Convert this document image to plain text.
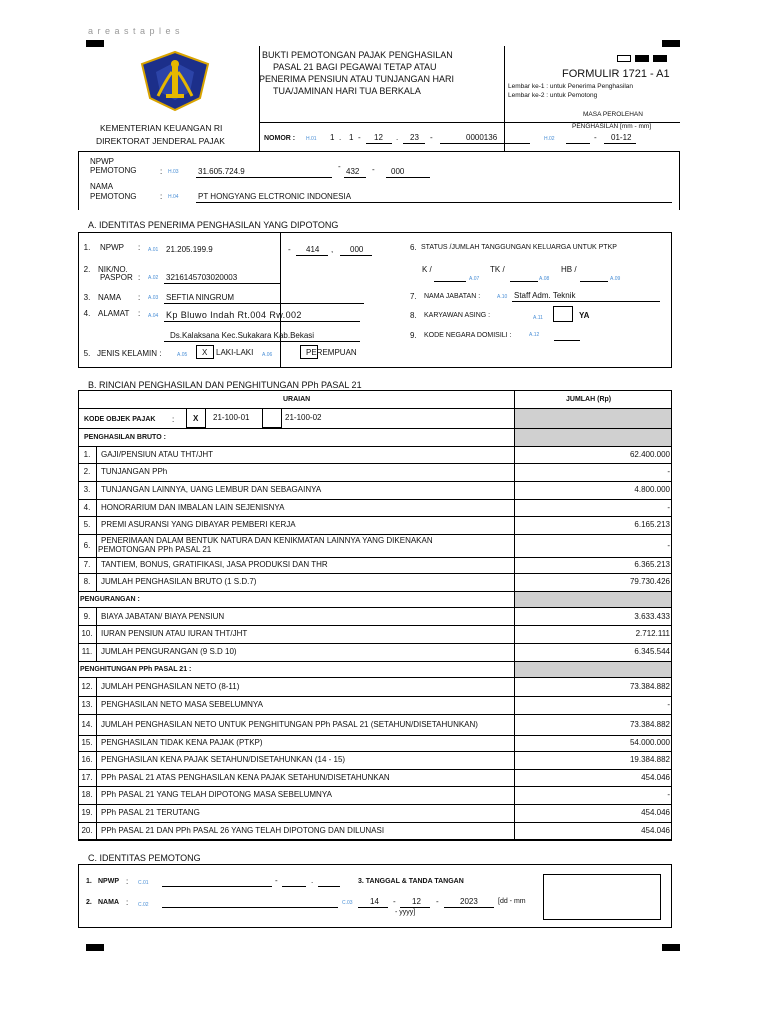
a r e a s t a p l e s
BUKTI PEMOTONGAN PAJAK PENGHASILAN
PASAL 21 BAGI PEGAWAI TETAP ATAU
PENERIMA PENSIUN ATAU TUNJANGAN HARI
TUA/JAMINAN HARI TUA BERKALA
FORMULIR 1721 - A1
Lembar ke-1 : untuk Penerima Penghasilan
Lembar ke-2 : untuk Pemotong
KEMENTERIAN KEUANGAN RI
DIREKTORAT JENDERAL PAJAK	NOMOR : H.01 1 . 1 - 12 . 23 -	0000136	H.02
MASA PEROLEHAN
PENGHASILAN [mm - mm]
- 01-12
NPWP
PEMOTONG	: H.03 31.605.724.9
-
432 - 000
NAMA
PEMOTONG	: H.04 PT HONGYANG ELCTRONIC INDONESIA
A. IDENTITAS PENERIMA PENGHASILAN YANG DIPOTONG
1.	NPWP : A.01 21.205.199.9	- 414 , 000
2. NIK/NO.
PASPOR : A.02 3216145703020003
3. NAMA : A.03 SEFTIA NINGRUM
4. ALAMAT : A.04 Kp Bluwo Indah Rt.004 Rw.002
Ds.Kalaksana Kec.Sukakara Kab.Bekasi
5. JENIS KELAMIN :	A.05 X LAKI-LAKI A.06	PEREMPUAN
6. STATUS /JUMLAH TANGGUNGAN KELUARGA UNTUK PTKP
K /
A.07
TK /
A.08
HB /
A.09
7. NAMA JABATAN :	A.10 Staff Adm. Teknik
8. KARYAWAN ASING :	A.11	YA
9. KODE NEGARA DOMISILI :	A.12
B. RINCIAN PENGHASILAN DAN PENGHITUNGAN PPh PASAL 21
URAIAN	JUMLAH (Rp)
KODE OBJEK PAJAK : X 21-100-01	21-100-02
PENGHASILAN BRUTO :
1.	GAJI/PENSIUN ATAU THT/JHT	62.400.000
2.	TUNJANGAN PPh	-
3.	TUNJANGAN LAINNYA, UANG LEMBUR DAN SEBAGAINYA	4.800.000
4.	HONORARIUM DAN IMBALAN LAIN SEJENISNYA	-
5.	PREMI ASURANSI YANG DIBAYAR PEMBERI KERJA	6.165.213
6.
PENERIMAAN DALAM BENTUK NATURA DAN KENIKMATAN LAINNYA YANG DIKENAKAN
PEMOTONGAN PPh PASAL 21	-
7.	TANTIEM, BONUS, GRATIFIKASI, JASA PRODUKSI DAN THR	6.365.213
8.	JUMLAH PENGHASILAN BRUTO (1 S.D.7)	79.730.426
9.	BIAYA JABATAN/ BIAYA PENSIUN	3.633.433
10.	IURAN PENSIUN ATAU IURAN THT/JHT	2.712.111
11.	JUMLAH PENGURANGAN (9 S.D 10)	6.345.544
12.	JUMLAH PENGHASILAN NETO (8-11)	73.384.882
13.	PENGHASILAN NETO MASA SEBELUMNYA	-
14.	JUMLAH PENGHASILAN NETO UNTUK PENGHITUNGAN PPh PASAL 21 (SETAHUN/DISETAHUNKAN)	73.384.882
15.	PENGHASILAN TIDAK KENA PAJAK (PTKP)	54.000.000
16.	PENGHASILAN KENA PAJAK SETAHUN/DISETAHUNKAN (14 - 15)	19.384.882
17.	PPh PASAL 21 ATAS PENGHASILAN KENA PAJAK SETAHUN/DISETAHUNKAN	454.046
18.	PPh PASAL 21 YANG TELAH DIPOTONG MASA SEBELUMNYA	-
19.	PPh PASAL 21 TERUTANG	454.046
20.	PPh PASAL 21 DAN PPh PASAL 26 YANG TELAH DIPOTONG DAN DILUNASI	454.046
PENGURANGAN :
PENGHITUNGAN PPh PASAL 21 :
C. IDENTITAS PEMOTONG
1. NPWP : C.01	-	.
2. NAMA : C.02
3. TANGGAL & TANDA TANGAN
C.03 14 - 12 -	2023	[dd - mm
- yyyy]
